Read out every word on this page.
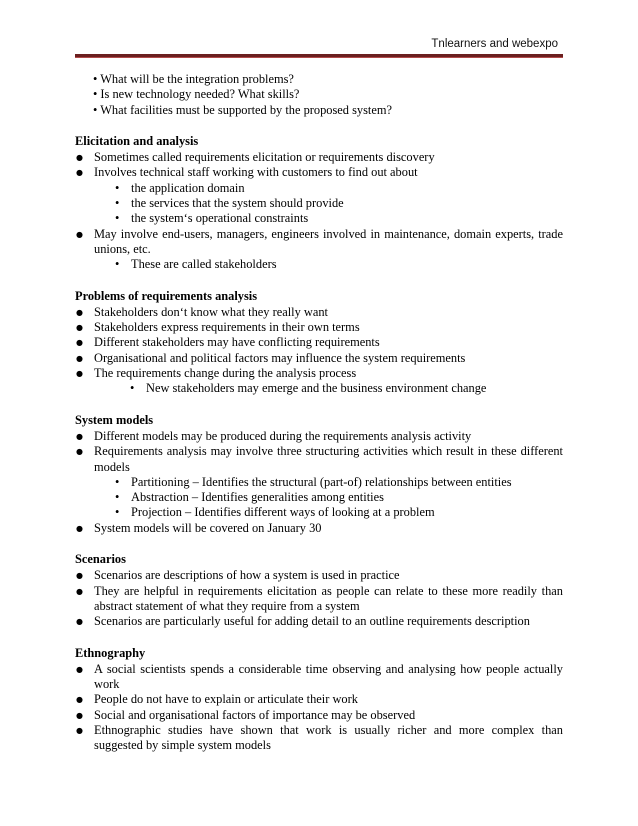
Tnlearners and webexpo
• What will be the integration problems?
• Is new technology needed? What skills?
• What facilities must be supported by the proposed system?
Elicitation and analysis
● Sometimes called requirements elicitation or requirements discovery
● Involves technical staff working with customers to find out about
• the application domain
• the services that the system should provide
• the system‘s operational constraints
● May involve end-users, managers, engineers involved in maintenance, domain experts, trade unions, etc.
• These are called stakeholders
Problems of requirements analysis
● Stakeholders don‘t know what they really want
● Stakeholders express requirements in their own terms
● Different stakeholders may have conflicting requirements
● Organisational and political factors may influence the system requirements
● The requirements change during the analysis process
• New stakeholders may emerge and the business environment change
System models
● Different models may be produced during the requirements analysis activity
● Requirements analysis may involve three structuring activities which result in these different models
• Partitioning – Identifies the structural (part-of) relationships between entities
• Abstraction – Identifies generalities among entities
• Projection – Identifies different ways of looking at a problem
● System models will be covered on January 30
Scenarios
● Scenarios are descriptions of how a system is used in practice
● They are helpful in requirements elicitation as people can relate to these more readily than abstract statement of what they require from a system
● Scenarios are particularly useful for adding detail to an outline requirements description
Ethnography
● A social scientists spends a considerable time observing and analysing how people actually work
● People do not have to explain or articulate their work
● Social and organisational factors of importance may be observed
● Ethnographic studies have shown that work is usually richer and more complex than suggested by simple system models
